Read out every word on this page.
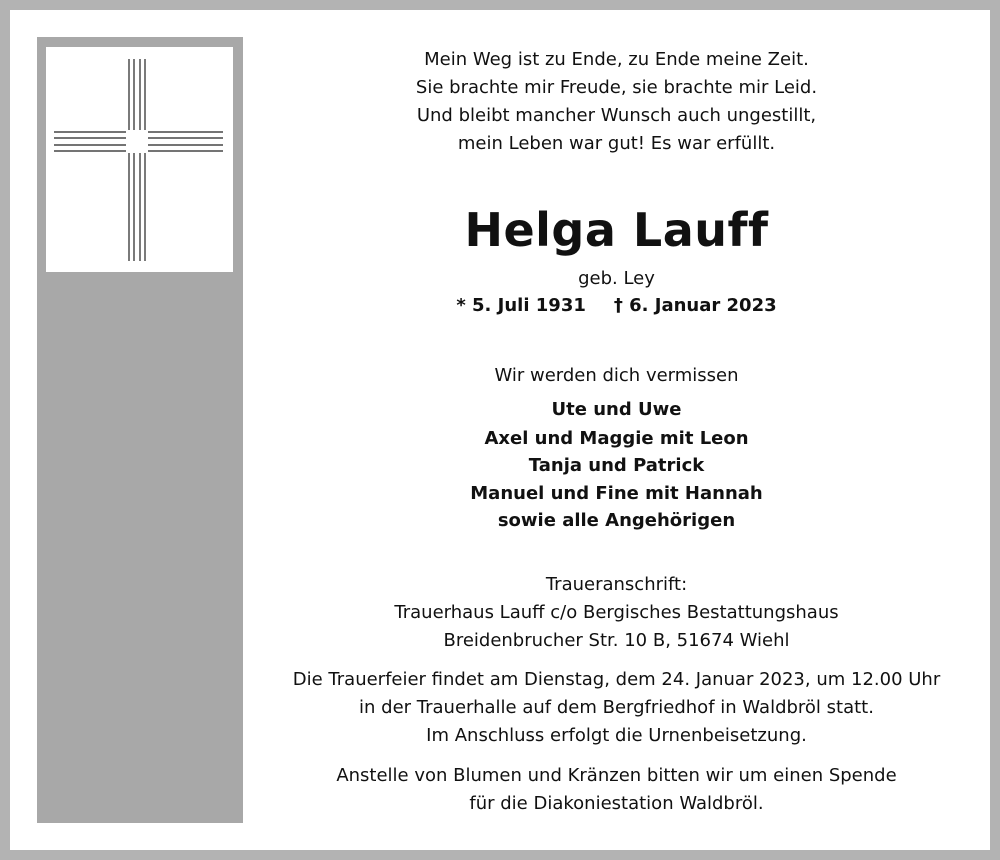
Mein Weg ist zu Ende, zu Ende meine Zeit.
Sie brachte mir Freude, sie brachte mir Leid.
Und bleibt mancher Wunsch auch ungestillt,
mein Leben war gut! Es war erfüllt.
Helga Lauff
geb. Ley
* 5. Juli 1931 † 6. Januar 2023
Wir werden dich vermissen
Ute und Uwe
Axel und Maggie mit Leon
Tanja und Patrick
Manuel und Fine mit Hannah
sowie alle Angehörigen
Traueranschrift:
Trauerhaus Lauff c/o Bergisches Bestattungshaus
Breidenbrucher Str. 10 B, 51674 Wiehl
Die Trauerfeier findet am Dienstag, dem 24. Januar 2023, um 12.00 Uhr
in der Trauerhalle auf dem Bergfriedhof in Waldbröl statt.
Im Anschluss erfolgt die Urnenbeisetzung.
Anstelle von Blumen und Kränzen bitten wir um einen Spende
für die Diakoniestation Waldbröl.
